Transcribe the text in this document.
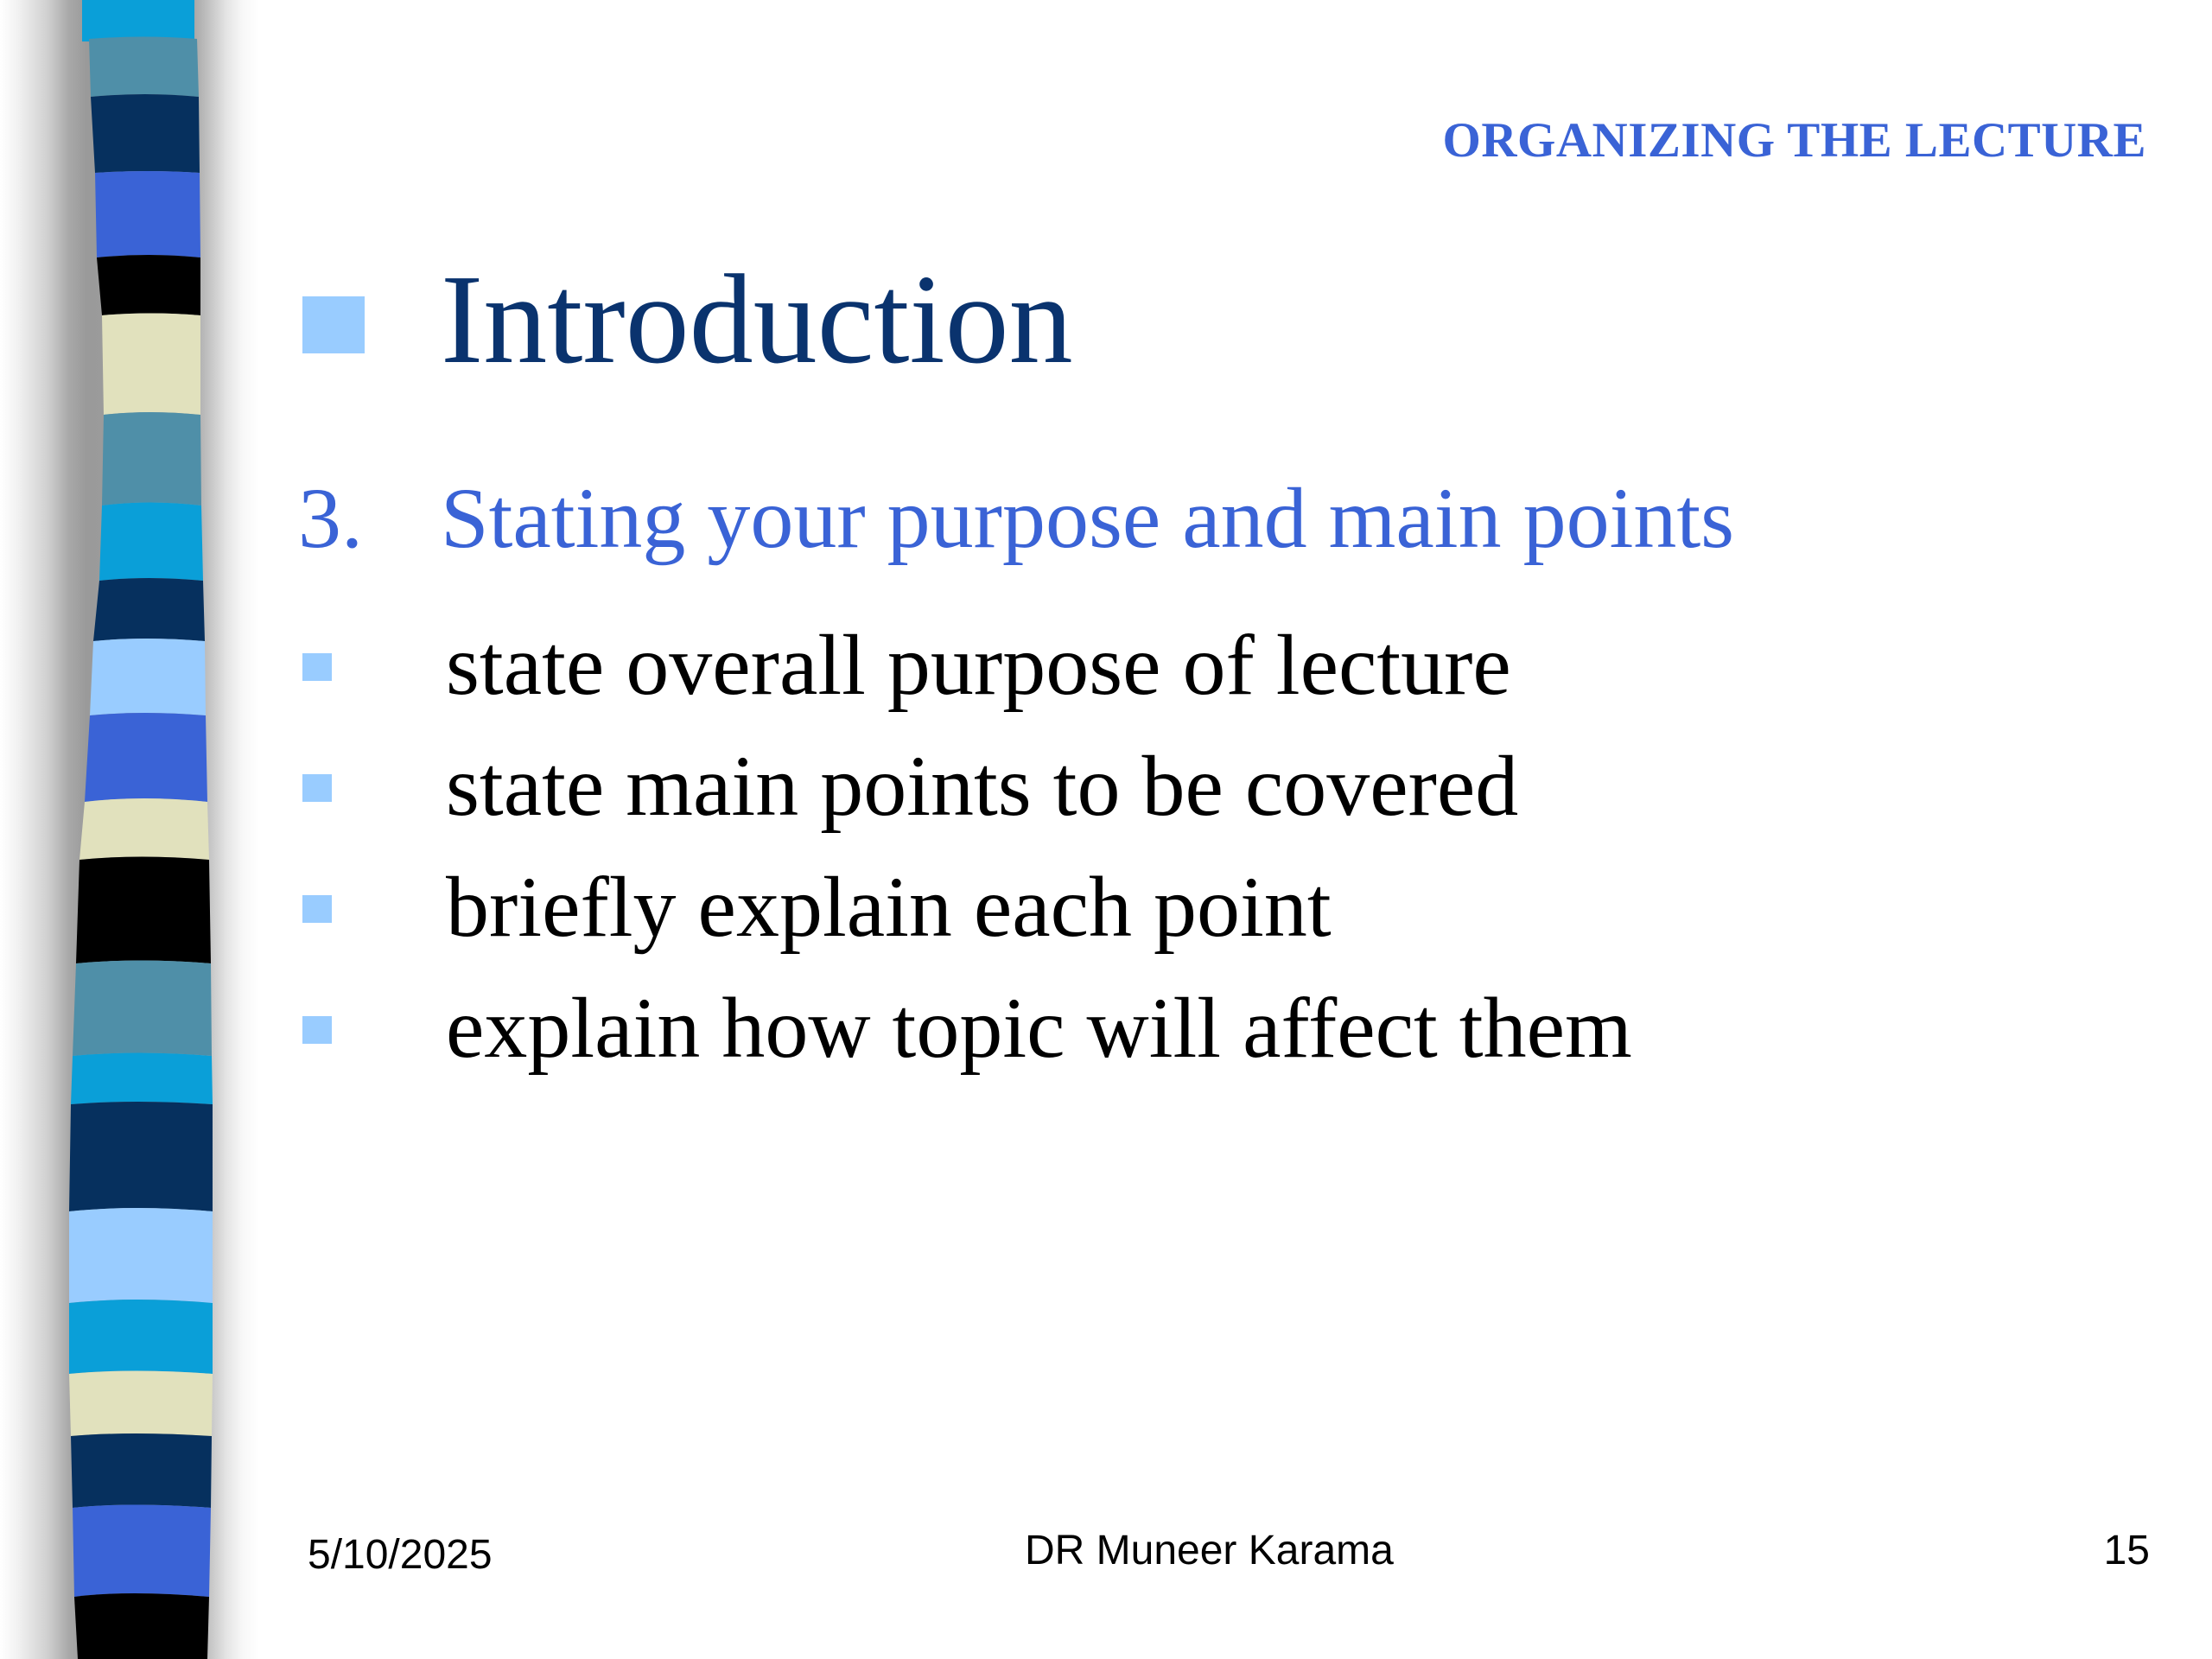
ORGANIZING THE LECTURE
Introduction
3. Stating your purpose and main points
state overall purpose of lecture
state main points to be covered
briefly explain each point
explain how topic will affect them
5/10/2025	DR Muneer Karama	15
